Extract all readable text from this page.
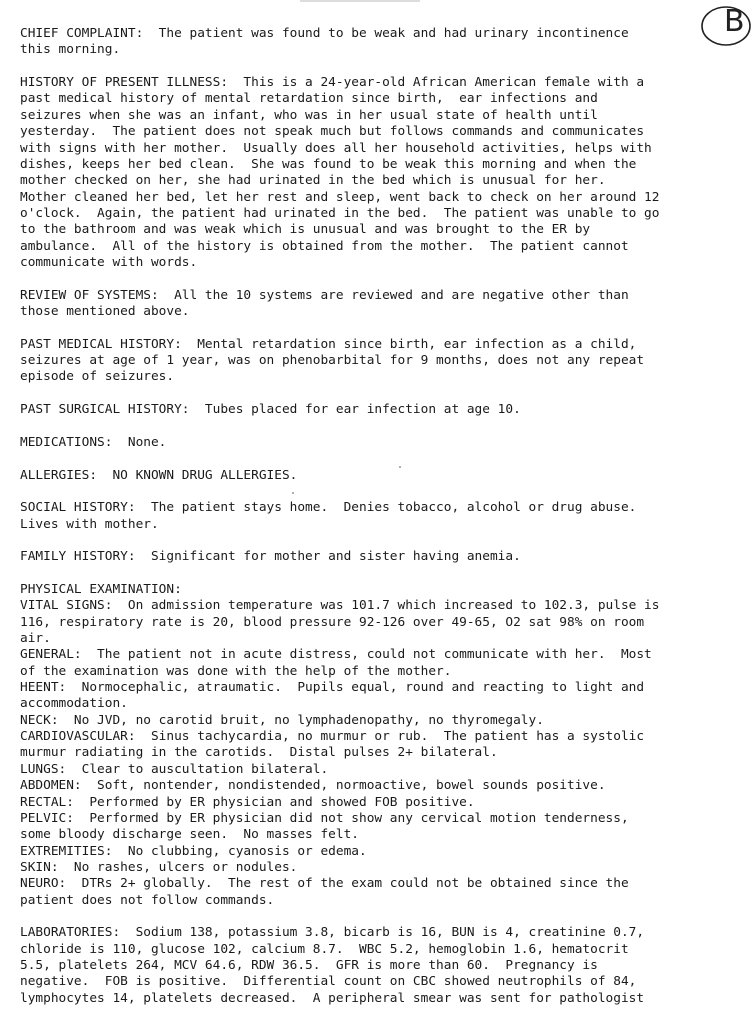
CHIEF COMPLAINT:  The patient was found to be weak and had urinary incontinence

this morning.

HISTORY OF PRESENT ILLNESS:  This is a 24-year-old African American female with a

past medical history of mental retardation since birth,  ear infections and

seizures when she was an infant, who was in her usual state of health until

yesterday.  The patient does not speak much but follows commands and communicates

with signs with her mother.  Usually does all her household activities, helps with

dishes, keeps her bed clean.  She was found to be weak this morning and when the

mother checked on her, she had urinated in the bed which is unusual for her.

Mother cleaned her bed, let her rest and sleep, went back to check on her around 12

o'clock.  Again, the patient had urinated in the bed.  The patient was unable to go

to the bathroom and was weak which is unusual and was brought to the ER by

ambulance.  All of the history is obtained from the mother.  The patient cannot

communicate with words.

REVIEW OF SYSTEMS:  All the 10 systems are reviewed and are negative other than

those mentioned above.

PAST MEDICAL HISTORY:  Mental retardation since birth, ear infection as a child,

seizures at age of 1 year, was on phenobarbital for 9 months, does not any repeat

episode of seizures.

PAST SURGICAL HISTORY:  Tubes placed for ear infection at age 10.

MEDICATIONS:  None.

ALLERGIES:  NO KNOWN DRUG ALLERGIES.

SOCIAL HISTORY:  The patient stays home.  Denies tobacco, alcohol or drug abuse.

Lives with mother.

FAMILY HISTORY:  Significant for mother and sister having anemia.

PHYSICAL EXAMINATION:

VITAL SIGNS:  On admission temperature was 101.7 which increased to 102.3, pulse is

116, respiratory rate is 20, blood pressure 92-126 over 49-65, O2 sat 98% on room

air.

GENERAL:  The patient not in acute distress, could not communicate with her.  Most

of the examination was done with the help of the mother.

HEENT:  Normocephalic, atraumatic.  Pupils equal, round and reacting to light and

accommodation.

NECK:  No JVD, no carotid bruit, no lymphadenopathy, no thyromegaly.

CARDIOVASCULAR:  Sinus tachycardia, no murmur or rub.  The patient has a systolic

murmur radiating in the carotids.  Distal pulses 2+ bilateral.

LUNGS:  Clear to auscultation bilateral.

ABDOMEN:  Soft, nontender, nondistended, normoactive, bowel sounds positive.

RECTAL:  Performed by ER physician and showed FOB positive.

PELVIC:  Performed by ER physician did not show any cervical motion tenderness,

some bloody discharge seen.  No masses felt.

EXTREMITIES:  No clubbing, cyanosis or edema.

SKIN:  No rashes, ulcers or nodules.

NEURO:  DTRs 2+ globally.  The rest of the exam could not be obtained since the

patient does not follow commands.

LABORATORIES:  Sodium 138, potassium 3.8, bicarb is 16, BUN is 4, creatinine 0.7,

chloride is 110, glucose 102, calcium 8.7.  WBC 5.2, hemoglobin 1.6, hematocrit

5.5, platelets 264, MCV 64.6, RDW 36.5.  GFR is more than 60.  Pregnancy is

negative.  FOB is positive.  Differential count on CBC showed neutrophils of 84,

lymphocytes 14, platelets decreased.  A peripheral smear was sent for pathologist

B
